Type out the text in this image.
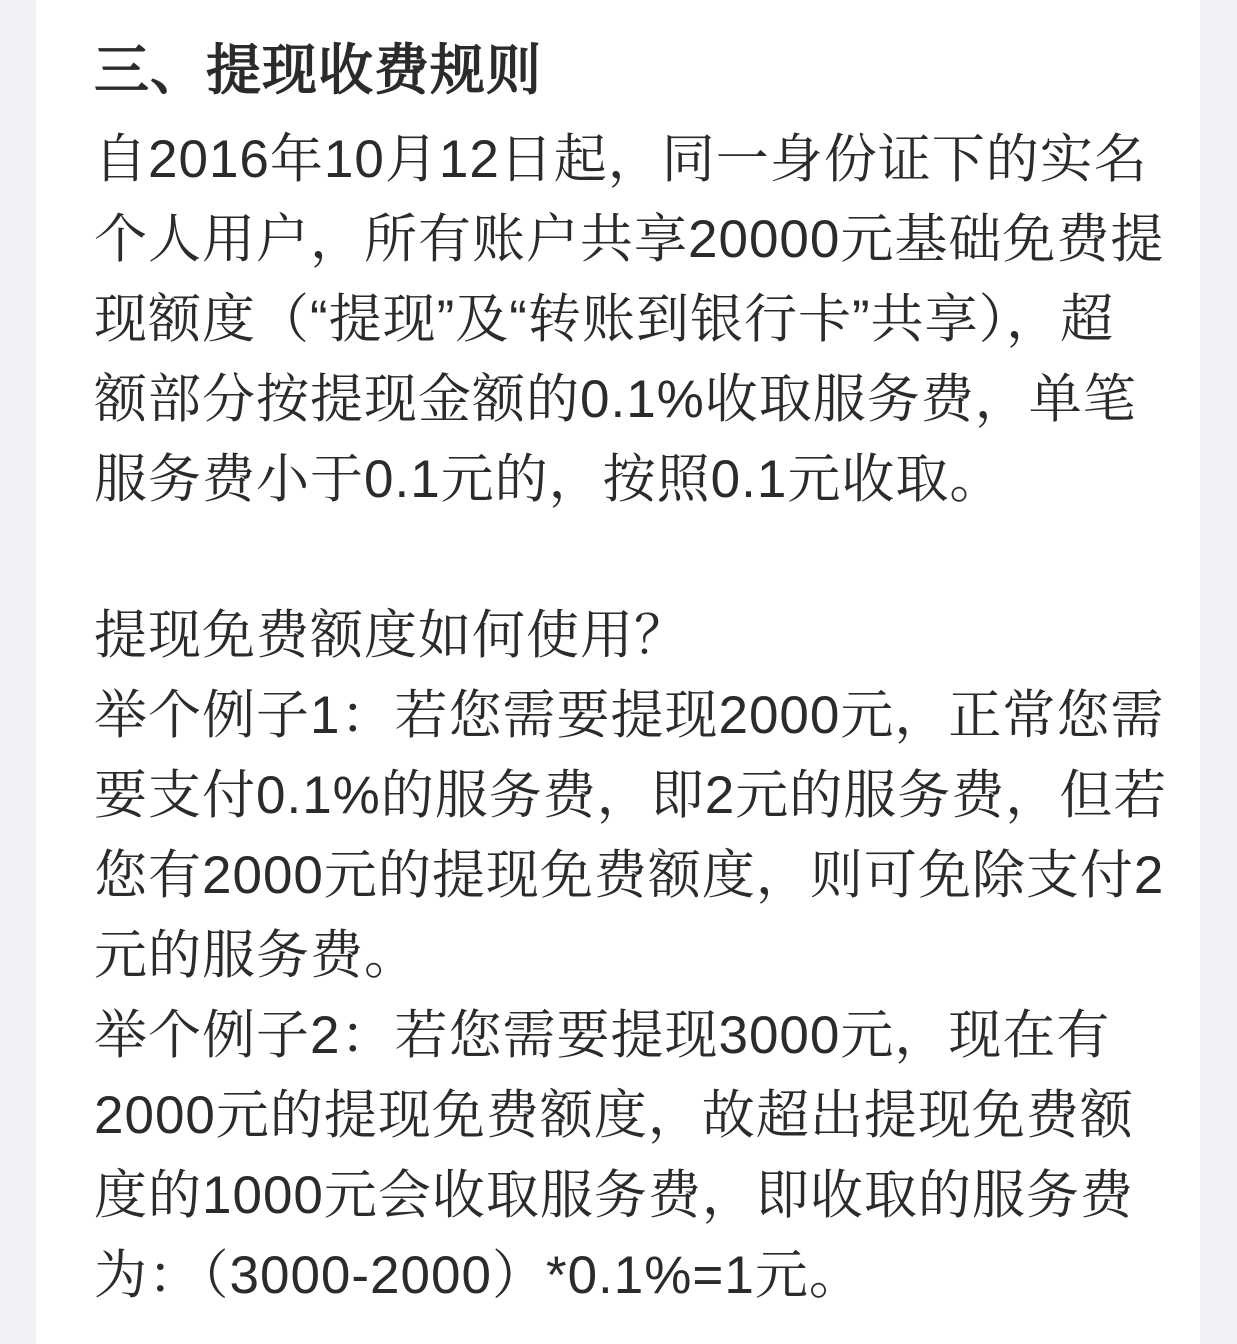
三、提现收费规则

自2016年10月12日起，同一身份证下的实名

个人用户，所有账户共享20000元基础免费提

现额度（“提现”及“转账到银行卡”共享），超

额部分按提现金额的0.1%收取服务费，单笔

服务费小于0.1元的，按照0.1元收取。

提现免费额度如何使用？

举个例子1：若您需要提现2000元，正常您需

要支付0.1%的服务费，即2元的服务费，但若

您有2000元的提现免费额度，则可免除支付2

元的服务费。

举个例子2：若您需要提现3000元，现在有

2000元的提现免费额度，故超出提现免费额

度的1000元会收取服务费，即收取的服务费

为：（3000-2000）*0.1%=1元。
